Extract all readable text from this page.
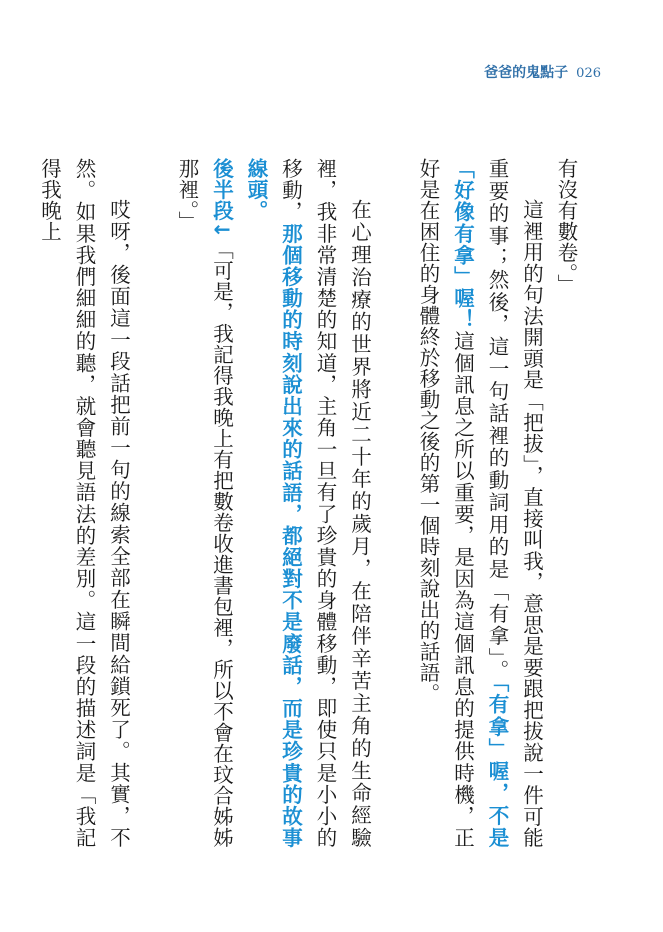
爸爸的鬼點子 026

有沒有數卷。」

這裡用的句法開頭是「把拔」，直接叫我，意思是要跟把拔說一件可能重要的事；然後，這一句話裡的動詞用的是「有拿」。「有拿」喔，不是「好像有拿」喔！這個訊息之所以重要，是因為這個訊息的提供時機，正好是在困住的身體終於移動之後的第一個時刻說出的話語。

在心理治療的世界將近二十年的歲月，在陪伴辛苦主角的生命經驗裡，我非常清楚的知道，主角一旦有了珍貴的身體移動，即使只是小小的移動，那個移動的時刻說出來的話語，都絕對不是廢話，而是珍貴的故事線頭。

後半段↓「可是，我記得我晚上有把數卷收進書包裡，所以不會在玟合姊姊那裡。」

哎呀，後面這一段話把前一句的線索全部在瞬間給鎖死了。其實，不然。如果我們細細的聽，就會聽見語法的差別。這一段的描述詞是「我記得我晚上
